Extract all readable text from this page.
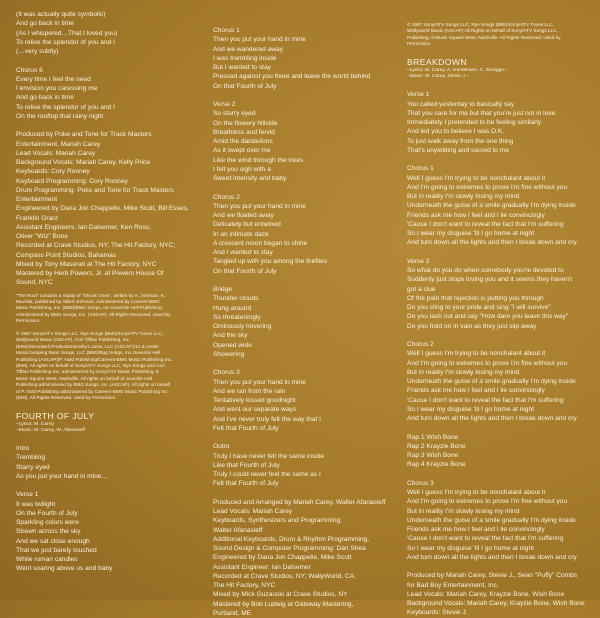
(It was actually quite symbolic)
And go back in time
(As I whispered…That I loved you)
To relive the splendor of you and I
(…very subtly)
Chorus 6
Every time I feel the need
I envision you caressing me
And go back in time
To relive the splendor of you and I
On the rooftop that rainy night
Produced by Poke and Tone for Track Masters
Entertainment, Mariah Carey
Lead Vocals: Mariah Carey
Background Vocals: Mariah Carey, Kelly Price
Keyboards: Cory Rooney
Keyboard Programming: Cory Rooney
Drum Programming: Poke and Tone for Track Masters
Entertainment
Engineered by Dana Jon Chappelle, Mike Scott, Bill Esses,
Franklin Grant
Assistant Engineers: Ian Dalsemer, Ken Ross,
Oliver "Wiz" Bone
Recorded at Crave Studios, NY; The Hit Factory, NYC;
Compass Point Studios, Bahamas
Mixed by Tony Maserati at The Hit Factory, NYC
Mastered by Herb Powers, Jr. at Powers House Of
Sound, NYC
"The Roof" contains a replay of "Shook Ones", written by A. Johnson, K.
Muchita, published by Albert Johnson, Administered by Careers-BMG
Music Publishing, Inc. (BMI)/BMG Songs, Inc./Juvenile Hell Publishing,
Administered by BMG Songs, Inc. (ASCAP). All Rights Reserved. Used By
Permission.
© 1997 Sony/ATV Songs LLC, Rye Songs (BMI)/Sony/ATV Tunes LLC,
Wallyworld Music (ASCAP), Cori Tiffani Publishing, Inc.
(BMI)/Sismoweli Productions/Jelly's Jams, LLC (ASCAP)/12 & Under
Music/Jumping Bean Songs, LLC (BMI)/Bug Songs, Inc./Juvenile Hell
Publishing (ASCAP)/P. Nold Publishing/Careers-BMG Music Publishing Inc.
(BMI). All rights on behalf of Sony/ATV Songs LLC, Rye Songs and Cori
Tiffani Publishing Inc. administered by Sony/ATV Music Publishing, 8
Music Square West, Nashville. All rights on behalf of Juvenile Hell
Publishing administered by BMG Songs, Inc. (ASCAP). All rights on behalf
of P. Nold Publishing administered by Careers-BMG Music Publishing Inc.
(BMI). All Rights Reserved. Used by Permission.
FOURTH OF JULY
–Lyrics: M. Carey
–Music: M. Carey, W. Afanasieff
Intro
Trembling
Starry eyed
As you put your hand in mine…
Verse 1
It was twilight
On the Fourth of July
Sparkling colors were
Strewn across the sky
And we sat close enough
That we just barely touched
While roman candles
Went soaring above us and baby
Chorus 1
Then you put your hand in mine
And we wandered away
I was trembling inside
But I wanted to stay
Pressed against you there and leave the world behind
On that Fourth of July
Verse 2
So starry eyed
On the flowery hillside
Breathless and fervid
Amid the dandelions
As it swept over me
Like the wind through the trees
I felt you sigh with a
Sweet intensity and baby
Chorus 2
Then you put your hand in mine
And we floated away
Delicately but entwined
In an intimate daze
A crescent moon began to shine
And I wanted to stay
Tangled up with you among the fireflies
On that Fourth of July
Bridge
Thunder clouds
Hung around
So threateningly
Ominously hovering
And the sky
Opened wide
Showering
Chorus 3
Then you put your hand in mine
And we ran from the rain
Tentatively kissed goodnight
And went our separate ways
And I've never truly felt the way that I
Felt that Fourth of July
Outro
Truly I have never felt the same inside
Like that Fourth of July
Truly I could never feel the same as I
Felt that Fourth of July
Produced and Arranged by Mariah Carey, Walter Afanasieff
Lead Vocals: Mariah Carey
Keyboards, Synthesizers and Programming:
Walter Afanasieff
Additional Keyboards, Drum & Rhythm Programming,
Sound Design & Computer Programming: Dan Shea
Engineered by Dana Jon Chappelle, Mike Scott
Assistant Engineer: Ian Dalsemer
Recorded at Crave Studios, NY; WallyWorld, CA;
The Hit Factory, NYC
Mixed by Mick Guzauski at Crave Studios, NY
Mastered by Bob Ludwig at Gateway Mastering,
Portland, ME
© 1997 Sony/ATV Songs LLC, Rye Songs (BMI)/Sony/ATV Tunes LLC,
Wallyworld Music (ASCAP) All Rights on behalf of Sony/ATV Songs LLC,
Publishing, 8 Music Square West, Nashville. All Rights Reserved. Used by
Permission.
BREAKDOWN
–Lyrics: M. Carey, A. Henderson, C. Scraggs–
–Music: M. Carey, Stevie J.–
Verse 1
You called yesterday to basically say
That you care for me but that you're just not in love
Immediately I pretended to be feeling similarly
And led you to believe I was O.K.
To just walk away from the one thing
That's unyielding and sacred to me
Chorus 1
Well I guess I'm trying to be nonchalant about it
And I'm going to extremes to prove I'm fine without you
But in reality I'm slowly losing my mind
Underneath the guise of a smile gradually I'm dying inside
Friends ask me how I feel and I lie convincingly
'Cause I don't want to reveal the fact that I'm suffering
So I wear my disguise 'til I go home at night
And turn down all the lights and then I break down and cry
Verse 2
So what do you do when somebody you're devoted to
Suddenly just stops loving you and it seems they haven't
got a clue
Of the pain that rejection is putting you through
Do you cling to your pride and sing "I will survive"
Do you lash out and say "How dare you leave this way"
Do you hold on in vain as they just slip away
Chorus 2
Well I guess I'm trying to be nonchalant about it
And I'm going to extremes to prove I'm fine without you
But in reality I'm slowly losing my mind
Underneath the guise of a smile gradually I'm dying inside
Friends ask me how I feel and I lie convincingly
'Cause I don't want to reveal the fact that I'm suffering
So I wear my disguise 'til I go home at night
And turn down all the lights and then I break down and cry
Rap 1 Wish Bone
Rap 2 Krayzie Bone
Rap 3 Wish Bone
Rap 4 Krayzie Bone
Chorus 3
Well I guess I'm trying to be nonchalant about it
And I'm going to extremes to prove I'm fine without you
But in reality I'm slowly losing my mind
Underneath the guise of a smile gradually I'm dying inside
Friends ask me how I feel and I lie convincingly
'Cause I don't want to reveal the fact that I'm suffering
So I wear my disguise 'til I go home at night
And turn down all the lights and then I break down and cry
Produced by Mariah Carey, Stevie J., Sean "Puffy" Combs
for Bad Boy Entertainment, Inc.
Lead Vocals: Mariah Carey, Krayzie Bone, Wish Bone
Background Vocals: Mariah Carey, Krayzie Bone, Wish Bone
Keyboards: Stevie J.
